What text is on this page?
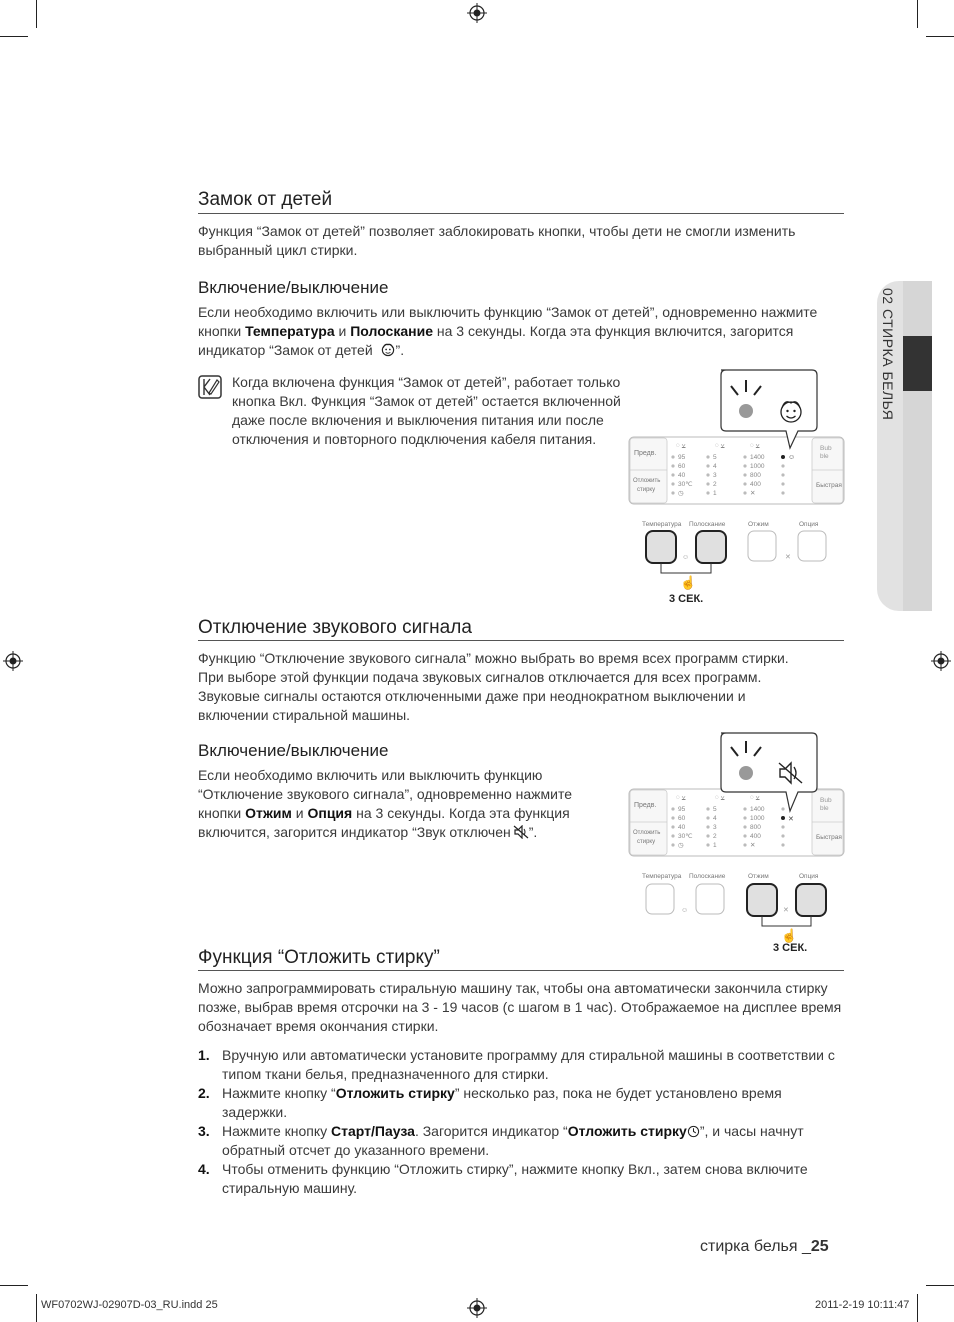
02 СТИРКА БЕЛЬЯ
Замок от детей
Функция “Замок от детей” позволяет заблокировать кнопки, чтобы дети не смогли изменить выбранный цикл стирки.
Включение/выключение
Если необходимо включить или выключить функцию “Замок от детей”, одновременно нажмите кнопки Температура и Полоскание на 3 секунды. Когда эта функция включится, загорится индикатор “Замок от детей ”.
Когда включена функция “Замок от детей”, работает только кнопка Вкл. Функция “Замок от детей” остается включенной даже после включения и выключения питания или после отключения и повторного подключения кабеля питания.
Предв.
Отложить
стирку
Bub
ble
Быстрая
◌ ⩣	◌ ⩣	◌ ⩣
95
60
40
30℃
◷
5
4
3
2
1
1400
1000
800
400
✕
☺
Температура Полоскание	Отжим	Опция
☺	✕
☝
3 СЕК.
Отключение звукового сигнала
Функцию “Отключение звукового сигнала” можно выбрать во время всех программ стирки. При выборе этой функции подача звуковых сигналов отключается для всех программ. Звуковые сигналы остаются отключенными даже при неоднократном выключении и включении стиральной машины.
Включение/выключение
Если необходимо включить или выключить функцию “Отключение звукового сигнала”, одновременно нажмите кнопки Отжим и Опция на 3 секунды. Когда эта функция включится, загорится индикатор “Звук отключен ”.
Предв.
Отложить
стирку
Bub
ble
Быстрая
◌ ⩣	◌ ⩣	◌ ⩣
95
60
40
30℃
◷
5
4
3
2
1
1400
1000
800
400
✕
✕
Температура Полоскание	Отжим	Опция
☺	✕
☝
3 СЕК.
Функция “Отложить стирку”
Можно запрограммировать стиральную машину так, чтобы она автоматически закончила стирку позже, выбрав время отсрочки на 3 - 19 часов (с шагом в 1 час). Отображаемое на дисплее время обозначает время окончания стирки.
1. Вручную или автоматически установите программу для стиральной машины в соответствии с типом ткани белья, предназначенного для стирки.
2. Нажмите кнопку “Отложить стирку” несколько раз, пока не будет установлено время задержки.
3. Нажмите кнопку Старт/Пауза. Загорится индикатор “Отложить стирку ”, и часы начнут обратный отсчет до указанного времени.
4. Чтобы отменить функцию “Отложить стирку”, нажмите кнопку Вкл., затем снова включите стиральную машину.
стирка белья _25
WF0702WJ-02907D-03_RU.indd 25	2011-2-19 10:11:47
